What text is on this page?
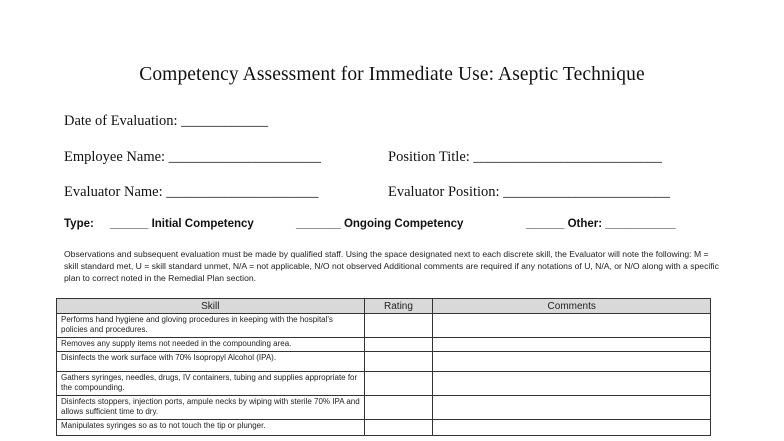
Competency Assessment for Immediate Use: Aseptic Technique
Date of Evaluation: ____________
Employee Name: _____________________	Position Title: __________________________
Evaluator Name: _____________________	Evaluator Position: _______________________
Type: ______ Initial Competency	_______ Ongoing Competency	______ Other: ___________
Observations and subsequent evaluation must be made by qualified staff. Using the space designated next to each discrete skill, the Evaluator will note the following: M = skill standard met, U = skill standard unmet, N/A = not applicable, N/O not observed Additional comments are required if any notations of U, N/A, or N/O along with a specific plan to correct noted in the Remedial Plan section.
Skill	Rating	Comments
Performs hand hygiene and gloving procedures in keeping with the hospital's policies and procedures.		
Removes any supply items not needed in the compounding area.		
Disinfects the work surface with 70% Isopropyl Alcohol (IPA).		
Gathers syringes, needles, drugs, IV containers, tubing and supplies appropriate for the compounding.		
Disinfects stoppers, injection ports, ampule necks by wiping with sterile 70% IPA and allows sufficient time to dry.		
Manipulates syringes so as to not touch the tip or plunger.		
